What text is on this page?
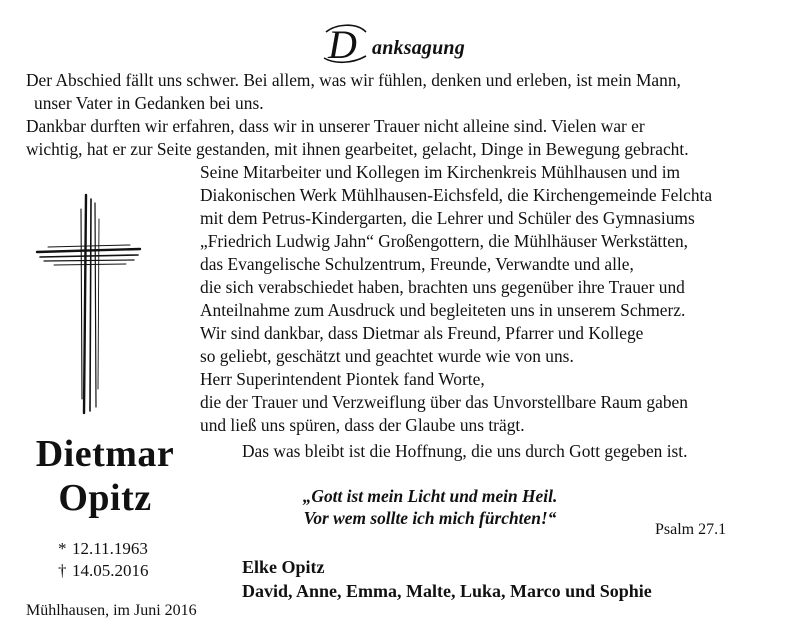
D anksagung
Der Abschied fällt uns schwer. Bei allem, was wir fühlen, denken und erleben, ist mein Mann,
unser Vater in Gedanken bei uns.
Dankbar durften wir erfahren, dass wir in unserer Trauer nicht alleine sind. Vielen war er
wichtig, hat er zur Seite gestanden, mit ihnen gearbeitet, gelacht, Dinge in Bewegung gebracht.
Seine Mitarbeiter und Kollegen im Kirchenkreis Mühlhausen und im
Diakonischen Werk Mühlhausen-Eichsfeld, die Kirchengemeinde Felchta
mit dem Petrus-Kindergarten, die Lehrer und Schüler des Gymnasiums
„Friedrich Ludwig Jahn“ Großengottern, die Mühlhäuser Werkstätten,
das Evangelische Schulzentrum, Freunde, Verwandte und alle,
die sich verabschiedet haben, brachten uns gegenüber ihre Trauer und
Anteilnahme zum Ausdruck und begleiteten uns in unserem Schmerz.
Wir sind dankbar, dass Dietmar als Freund, Pfarrer und Kollege
so geliebt, geschätzt und geachtet wurde wie von uns.
Herr Superintendent Piontek fand Worte,
die der Trauer und Verzweiflung über das Unvorstellbare Raum gaben
und ließ uns spüren, dass der Glaube uns trägt.
Dietmar
Opitz
* 12.11.1963
† 14.05.2016
Das was bleibt ist die Hoffnung, die uns durch Gott gegeben ist.
„Gott ist mein Licht und mein Heil.
Vor wem sollte ich mich fürchten!“
Psalm 27.1
Elke Opitz
David, Anne, Emma, Malte, Luka, Marco und Sophie
Mühlhausen, im Juni 2016
